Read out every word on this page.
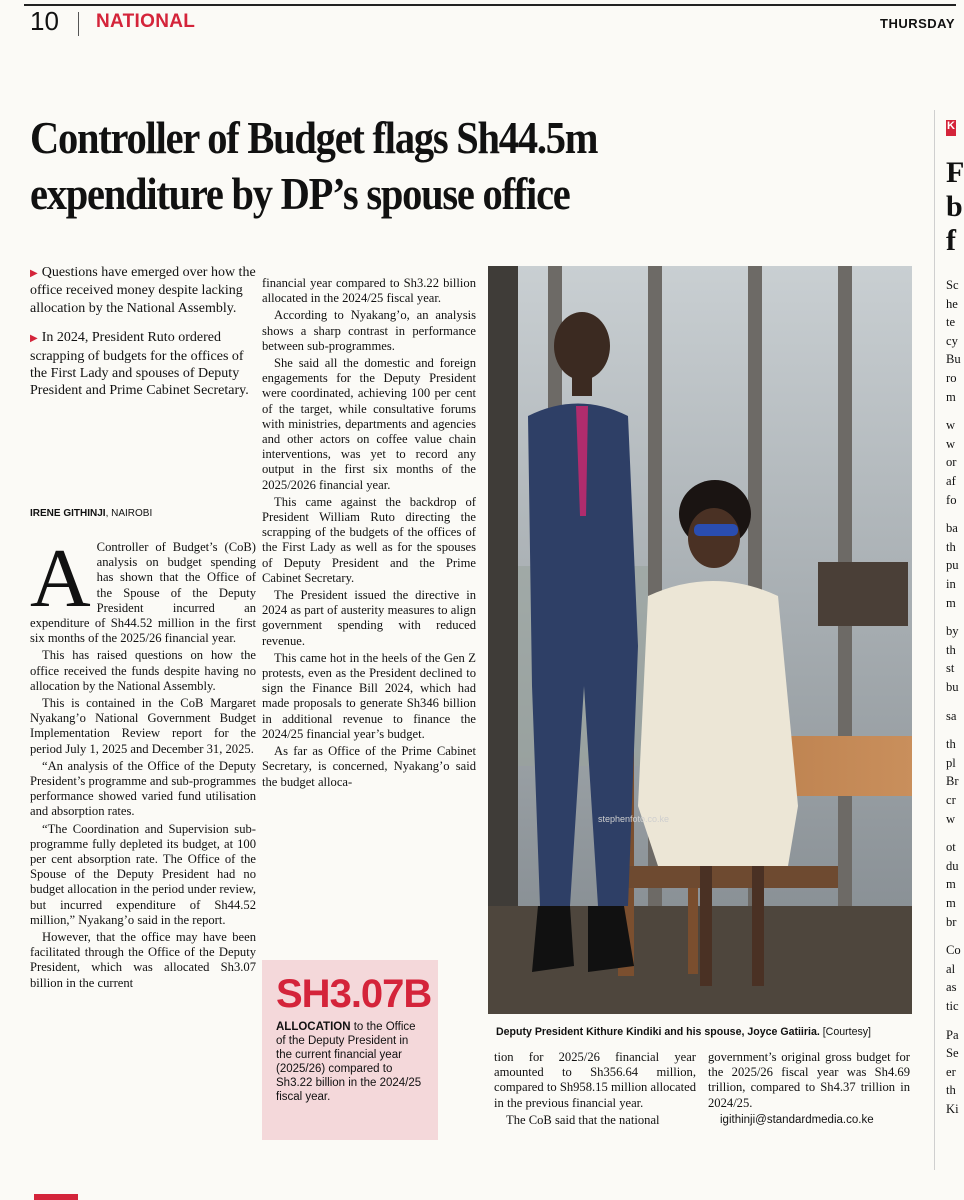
10 NATIONAL	THURSDAY
Controller of Budget flags Sh44.5m
expenditure by DP’s spouse office
▶ Questions have emerged over how the office received money despite lacking allocation by the National Assembly.
▶ In 2024, President Ruto ordered scrapping of budgets for the offices of the First Lady and spouses of Deputy President and Prime Cabinet Secretary.
IRENE GITHINJI, NAIROBI
A Controller of Budget’s (CoB) analysis on budget spending has shown that the Office of the Spouse of the Deputy President incurred an expenditure of Sh44.52 million in the first six months of the 2025/26 financial year.

This has raised questions on how the office received the funds despite having no allocation by the National Assembly.

This is contained in the CoB Margaret Nyakang’o National Government Budget Implementation Review report for the period July 1, 2025 and December 31, 2025.

“An analysis of the Office of the Deputy President’s programme and sub-programmes performance showed varied fund utilisation and absorption rates.

“The Coordination and Supervision sub-programme fully depleted its budget, at 100 per cent absorption rate. The Office of the Spouse of the Deputy President had no budget allocation in the period under review, but incurred expenditure of Sh44.52 million,” Nyakang’o said in the report.

However, that the office may have been facilitated through the Office of the Deputy President, which was allocated Sh3.07 billion in the current

financial year compared to Sh3.22 billion allocated in the 2024/25 fiscal year.

According to Nyakang’o, an analysis shows a sharp contrast in performance between sub-programmes.

She said all the domestic and foreign engagements for the Deputy President were coordinated, achieving 100 per cent of the target, while consultative forums with ministries, departments and agencies and other actors on coffee value chain interventions, was yet to record any output in the first six months of the 2025/2026 financial year.

This came against the backdrop of President William Ruto directing the scrapping of the budgets of the offices of the First Lady as well as for the spouses of Deputy President and the Prime Cabinet Secretary.

The President issued the directive in 2024 as part of austerity measures to align government spending with reduced revenue.

This came hot in the heels of the Gen Z protests, even as the President declined to sign the Finance Bill 2024, which had made proposals to generate Sh346 billion in additional revenue to finance the 2024/25 financial year’s budget.

As far as Office of the Prime Cabinet Secretary, is concerned, Nyakang’o said the budget alloca-

SH3.07B
ALLOCATION to the Office of the Deputy President in the current financial year (2025/26) compared to Sh3.22 billion in the 2024/25 fiscal year.
stephenfoto.co.ke
Deputy President Kithure Kindiki and his spouse, Joyce Gatiiria. [Courtesy]

tion for 2025/26 financial year amounted to Sh356.64 million, compared to Sh958.15 million allocated in the previous financial year.

The CoB said that the national

government’s original gross budget for the 2025/26 fiscal year was Sh4.69 trillion, compared to Sh4.37 trillion in 2024/25.

igithinji@standardmedia.co.ke

K
F
b
f
Sc
he
te
cy
Bu
ro
m
w
w
or
af
fo
ba
th
pu
in
m
by
th
st
bu
sa
th
pl
Br
cr
w
ot
du
m
m
br
Co
al
as
tic
Pa
Se
er
th
Ki
